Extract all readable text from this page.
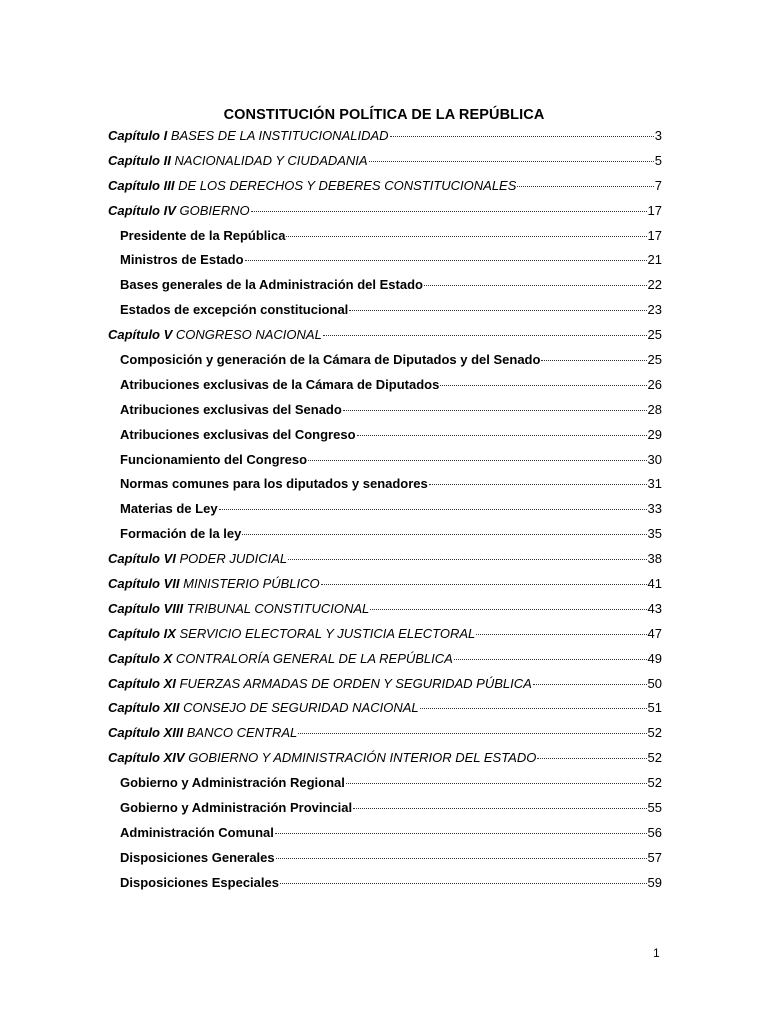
CONSTITUCIÓN POLÍTICA DE LA REPÚBLICA
Capítulo I BASES DE LA INSTITUCIONALIDAD	3
Capítulo II NACIONALIDAD Y CIUDADANIA	5
Capítulo III DE LOS DERECHOS Y DEBERES CONSTITUCIONALES	7
Capítulo IV GOBIERNO	17
Presidente de la República	17
Ministros de Estado	21
Bases generales de la Administración del Estado	22
Estados de excepción constitucional	23
Capítulo V CONGRESO NACIONAL	25
Composición y generación de la Cámara de Diputados y del Senado	25
Atribuciones exclusivas de la Cámara de Diputados	26
Atribuciones exclusivas del Senado	28
Atribuciones exclusivas del Congreso	29
Funcionamiento del Congreso	30
Normas comunes para los diputados y senadores	31
Materias de Ley	33
Formación de la ley	35
Capítulo VI PODER JUDICIAL	38
Capítulo VII MINISTERIO PÚBLICO	41
Capítulo VIII TRIBUNAL CONSTITUCIONAL	43
Capítulo IX SERVICIO ELECTORAL Y JUSTICIA ELECTORAL	47
Capítulo X CONTRALORÍA GENERAL DE LA REPÚBLICA	49
Capítulo XI FUERZAS ARMADAS DE ORDEN Y SEGURIDAD PÚBLICA	50
Capítulo XII CONSEJO DE SEGURIDAD NACIONAL	51
Capítulo XIII BANCO CENTRAL	52
Capítulo XIV GOBIERNO Y ADMINISTRACIÓN INTERIOR DEL ESTADO	52
Gobierno y Administración Regional	52
Gobierno y Administración Provincial	55
Administración Comunal	56
Disposiciones Generales	57
Disposiciones Especiales	59
1
